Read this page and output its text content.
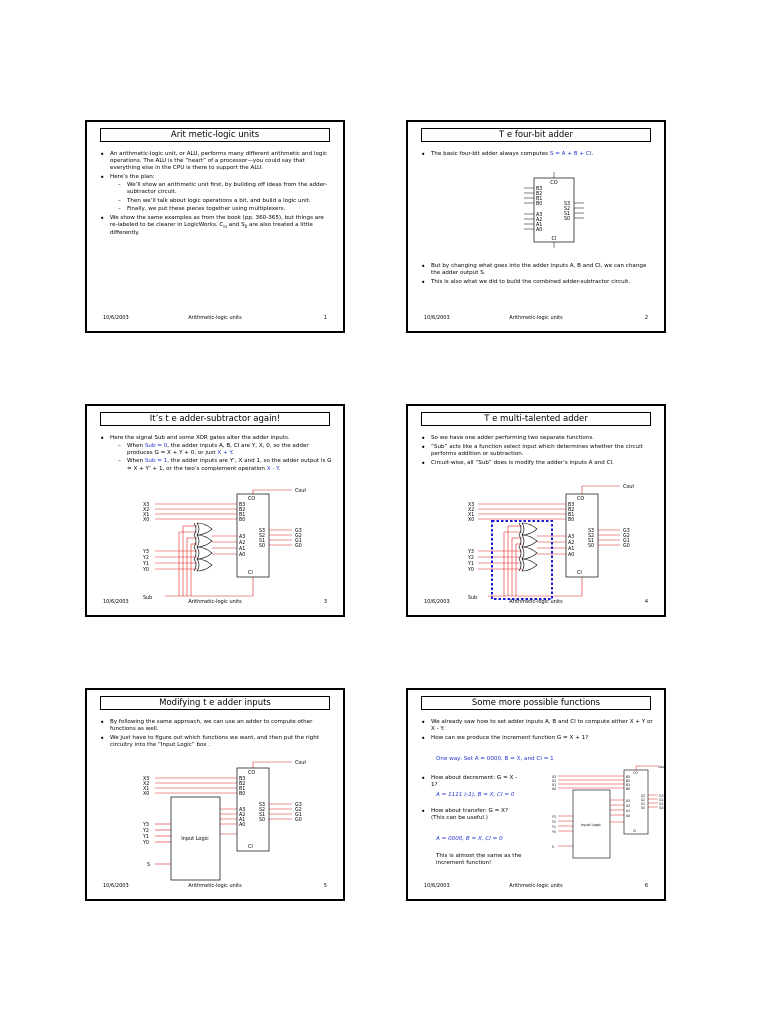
Arit metic-logic units
• An arithmetic-logic unit, or ALU, performs many different arithmetic and logic operations. The ALU is the “heart” of a processor—you could say that everything else in the CPU is there to support the ALU.
• Here’s the plan:
– We’ll show an arithmetic unit first, by building off ideas from the adder-subtractor circuit.
– Then we’ll talk about logic operations a bit, and build a logic unit.
– Finally, we put these pieces together using multiplexers.
• We show the same examples as from the book (pp. 360-365), but things are re-labeled to be clearer in LogicWorks. $C_{in}$ and $S_0$ are also treated a little differently.
10/6/2003	Arithmetic-logic units	1
T e four-bit adder
• The basic four-bit adder always computes S = A + B + CI.
CO
CI
B3
B2
B1
B0
A3
A2
A1
A0
S3
S2
S1
S0
• But by changing what goes into the adder inputs A, B and CI, we can change the adder output S.
• This is also what we did to build the combined adder-subtractor circuit.
10/6/2003	Arithmetic-logic units	2
It’s t e adder-subtractor again!
• Here the signal Sub and some XOR gates alter the adder inputs.
– When Sub = 0, the adder inputs A, B, CI are Y, X, 0, so the adder produces G = X + Y + 0, or just X + Y.
– When Sub = 1, the adder inputs are Y’, X and 1, so the adder output is G = X + Y’ + 1, or the two’s complement operation X - Y.
CO
CI
B3
B2
B1
B0
A3
A2
A1
A0
S3
S2
S1
S0
X3
X2
X1
X0
Y3
Y2
Y1
Y0
G3
G2
G1
G0
Cout
Sub
10/6/2003	Arithmetic-logic units	3
T e multi-talented adder
• So we have one adder performing two separate functions.
• “Sub” acts like a function select input which determines whether the circuit performs addition or subtraction.
• Circuit-wise, all “Sub” does is modify the adder’s inputs A and CI.
CO
CI
B3
B2
B1
B0
A3
A2
A1
A0
S3
S2
S1
S0
X3
X2
X1
X0
Y3
Y2
Y1
Y0
G3
G2
G1
G0
Cout
Sub
10/6/2003	Arithmetic-logic units	4
Modifying t e adder inputs
• By following the same approach, we can use an adder to compute other functions as well.
• We just have to figure out which functions we want, and then put the right circuitry into the “Input Logic” box .
Input Logic
CO
CI
B3
B2
B1
B0
A3
A2
A1
A0
S3
S2
S1
S0
X3
X2
X1
X0
Y3
Y2
Y1
Y0
G3
G2
G1
G0
Cout
S
10/6/2003	Arithmetic-logic units	5
Some more possible functions
• We already saw how to set adder inputs A, B and CI to compute either X + Y or X - Y.
• How can we produce the increment function G = X + 1?
One way: Set A = 0000, B = X, and CI = 1
• How about decrement: G = X - 1?
A = 1111 (-1), B = X, CI = 0
• How about transfer: G = X?
(This can be useful.)
A = 0000, B = X, CI = 0
This is almost the same as the increment function!
Input Logic
CO
CI
B3
B2
B1
B0
A3
A2
A1
A0
S3
S2
S1
S0
X3
X2
X1
X0
Y3
Y2
Y1
Y0
G3
G2
G1
G0
Cout
S
10/6/2003	Arithmetic-logic units	6
